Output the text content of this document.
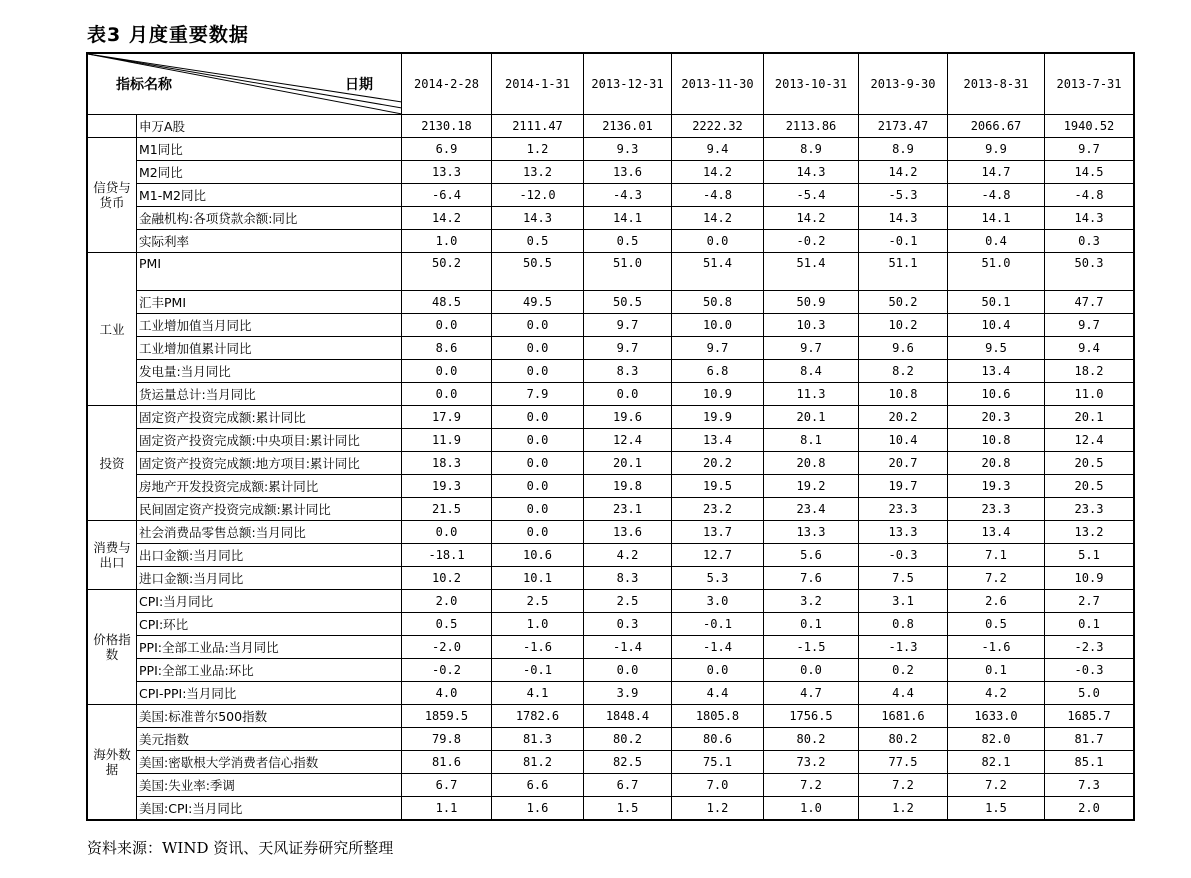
表3 月度重要数据
指标名称 日期		2014-2-28	2014-1-31	2013-12-31	2013-11-30	2013-10-31	2013-9-30	2013-8-31	2013-7-31
	申万A股	2130.18	2111.47	2136.01	2222.32	2113.86	2173.47	2066.67	1940.52
信贷与货币	M1同比	6.9	1.2	9.3	9.4	8.9	8.9	9.9	9.7
	M2同比	13.3	13.2	13.6	14.2	14.3	14.2	14.7	14.5
	M1-M2同比	-6.4	-12.0	-4.3	-4.8	-5.4	-5.3	-4.8	-4.8
	金融机构:各项贷款余额:同比	14.2	14.3	14.1	14.2	14.2	14.3	14.1	14.3
	实际利率	1.0	0.5	0.5	0.0	-0.2	-0.1	0.4	0.3
工业	PMI	50.2	50.5	51.0	51.4	51.4	51.1	51.0	50.3
	汇丰PMI	48.5	49.5	50.5	50.8	50.9	50.2	50.1	47.7
	工业增加值当月同比	0.0	0.0	9.7	10.0	10.3	10.2	10.4	9.7
	工业增加值累计同比	8.6	0.0	9.7	9.7	9.7	9.6	9.5	9.4
	发电量:当月同比	0.0	0.0	8.3	6.8	8.4	8.2	13.4	18.2
	货运量总计:当月同比	0.0	7.9	0.0	10.9	11.3	10.8	10.6	11.0
投资	固定资产投资完成额:累计同比	17.9	0.0	19.6	19.9	20.1	20.2	20.3	20.1
	固定资产投资完成额:中央项目:累计同比	11.9	0.0	12.4	13.4	8.1	10.4	10.8	12.4
	固定资产投资完成额:地方项目:累计同比	18.3	0.0	20.1	20.2	20.8	20.7	20.8	20.5
	房地产开发投资完成额:累计同比	19.3	0.0	19.8	19.5	19.2	19.7	19.3	20.5
	民间固定资产投资完成额:累计同比	21.5	0.0	23.1	23.2	23.4	23.3	23.3	23.3
消费与出口	社会消费品零售总额:当月同比	0.0	0.0	13.6	13.7	13.3	13.3	13.4	13.2
	出口金额:当月同比	-18.1	10.6	4.2	12.7	5.6	-0.3	7.1	5.1
	进口金额:当月同比	10.2	10.1	8.3	5.3	7.6	7.5	7.2	10.9
价格指数	CPI:当月同比	2.0	2.5	2.5	3.0	3.2	3.1	2.6	2.7
	CPI:环比	0.5	1.0	0.3	-0.1	0.1	0.8	0.5	0.1
	PPI:全部工业品:当月同比	-2.0	-1.6	-1.4	-1.4	-1.5	-1.3	-1.6	-2.3
	PPI:全部工业品:环比	-0.2	-0.1	0.0	0.0	0.0	0.2	0.1	-0.3
	CPI-PPI:当月同比	4.0	4.1	3.9	4.4	4.7	4.4	4.2	5.0
海外数据	美国:标准普尔500指数	1859.5	1782.6	1848.4	1805.8	1756.5	1681.6	1633.0	1685.7
	美元指数	79.8	81.3	80.2	80.6	80.2	80.2	82.0	81.7
	美国:密歇根大学消费者信心指数	81.6	81.2	82.5	75.1	73.2	77.5	82.1	85.1
	美国:失业率:季调	6.7	6.6	6.7	7.0	7.2	7.2	7.2	7.3
	美国:CPI:当月同比	1.1	1.6	1.5	1.2	1.0	1.2	1.5	2.0
资料来源：WIND 资讯、天风证券研究所整理
